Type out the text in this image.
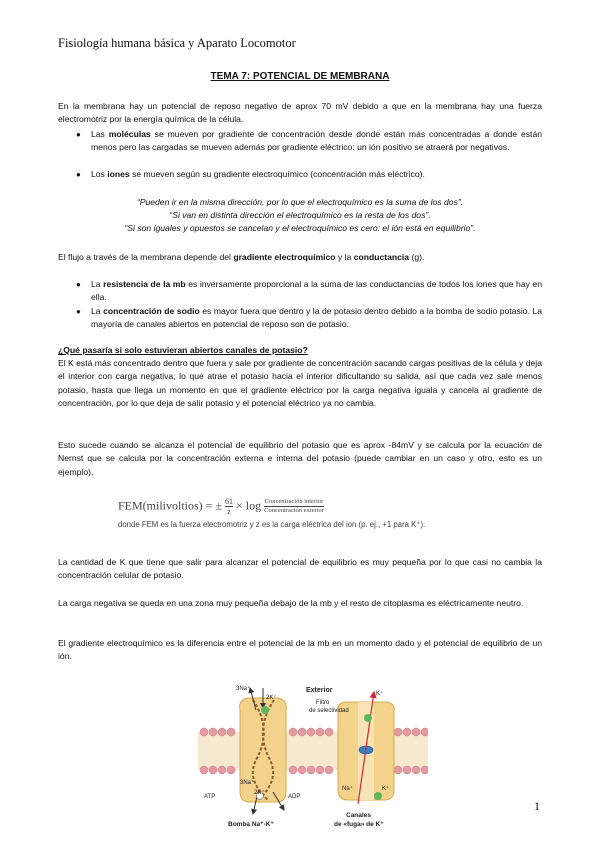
Fisiología humana básica y Aparato Locomotor
TEMA 7: POTENCIAL DE MEMBRANA
En la membrana hay un potencial de reposo negativo de aprox 70 mV debido a que en la membrana hay una fuerza electromotriz por la energía química de la célula.
● Las moléculas se mueven por gradiente de concentración desde donde están más concentradas a donde están menos pero las cargadas se mueven además por gradiente eléctrico: un ión positivo se atraerá por negativos.
● Los iones se mueven según su gradiente electroquímico (concentración más eléctrico).
“Pueden ir en la misma dirección, por lo que el electroquímico es la suma de los dos”.
“Si van en distinta dirección el electroquímico es la resta de los dos”.
“Si son iguales y opuestos se cancelan y el electroquímico es cero: el ión está en equilibrio”.
El flujo a través de la membrana depende del gradiente electroquímico y la conductancia (g).
● La resistencia de la mb es inversamente proporcional a la suma de las conductancias de todos los iones que hay en ella.
● La concentración de sodio es mayor fuera que dentro y la de potasio dentro debido a la bomba de sodio potasio. La mayoría de canales abiertos en potencial de reposo son de potasio.
¿Qué pasaría si solo estuvieran abiertos canales de potasio?
El K está más concentrado dentro que fuera y sale por gradiente de concentración sacando cargas positivas de la célula y deja el interior con carga negativa, lo que atrae el potasio hacia el interior dificultando su salida, así que cada vez sale menos potasio, hasta que llega un momento en que el gradiente eléctrico por la carga negativa iguala y cancela al gradiente de concentración, por lo que deja de salir potasio y el potencial eléctrico ya no cambia.
Esto sucede cuando se alcanza el potencial de equilibrio del potasio que es aprox -84mV y se calcula por la ecuación de Nernst que se calcula por la concentración externa e interna del potasio (puede cambiar en un caso y otro, esto es un ejemplo).
FEM(milivoltios) = ± $\frac{61}{z} \times \log$ Concentración interior
Concentración exterior
donde FEM es la fuerza electromotriz y z es la carga eléctrica del ion (p. ej., +1 para K⁺).
La cantidad de K que tiene que salir para alcanzar el potencial de equilibrio es muy pequeña por lo que casi no cambia la concentración celular de potasio.
La carga negativa se queda en una zona muy pequeña debajo de la mb y el resto de citoplasma es eléctricamente neutro.
El gradiente electroquímico es la diferencia entre el potencial de la mb en un momento dado y el potencial de equilibrio de un ión.
Exterior
3Na⁺
2K⁺
Filtro
de selectividad
K⁺
3Na⁺
2K⁺
ATP	ADP
Na⁺	K⁺
Bomba Na⁺-K⁺
Canales
de «fuga» de K⁺
1
